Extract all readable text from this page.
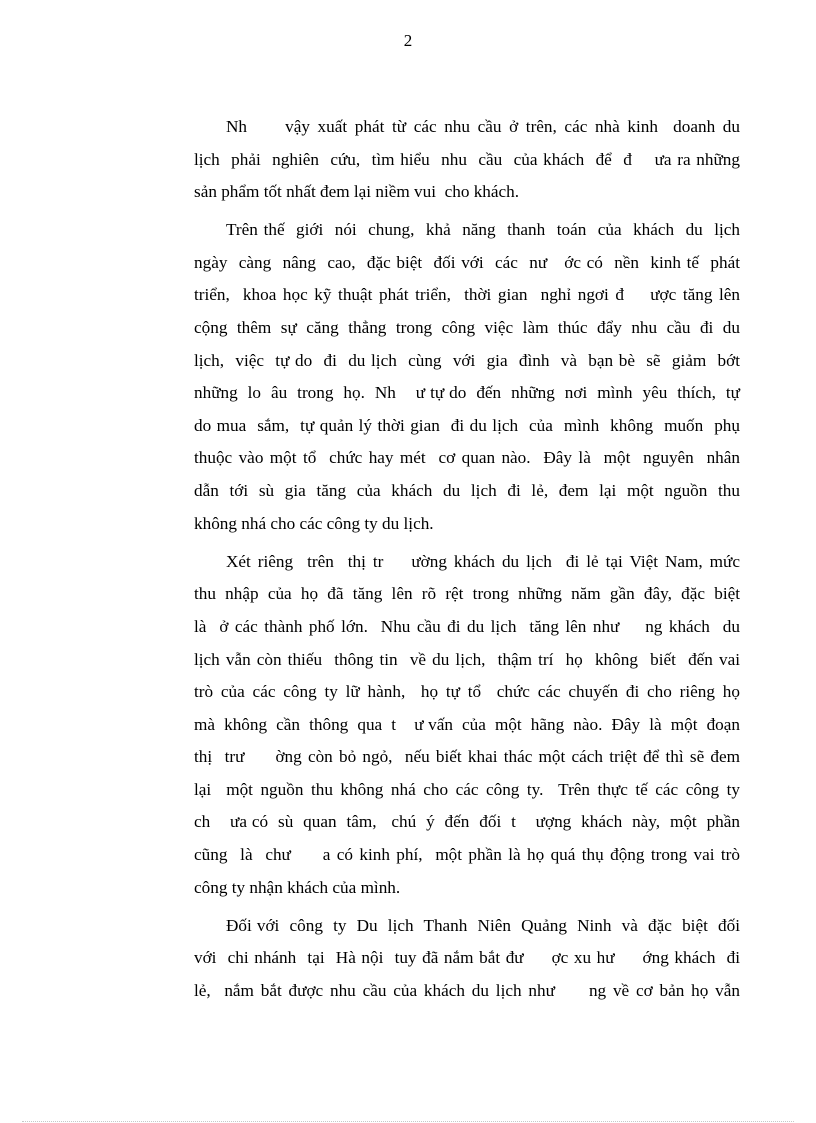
2
Nh     vậy xuất phát từ các nhu cầu ở trên, các nhà kinh  doanh du
lịch  phải  nghiên  cứu,  tìm hiểu  nhu  cầu  của khách  để  đ    ưa ra những
sản phẩm tốt nhất đem lại niềm vui  cho khách.
Trên thế  giới  nói  chung,  khả  năng  thanh  toán  của  khách  du  lịch
ngày  càng  nâng  cao,  đặc biệt  đối với  các  nư   ớc có  nền  kinh tế  phát
triển,  khoa học kỹ thuật phát triển,  thời gian  nghỉ ngơi đ    ược tăng lên
cộng thêm sự căng thẳng trong công việc làm thúc đẩy nhu cầu đi du
lịch,  việc  tự do  đi  du lịch  cùng  với  gia  đình  và  bạn bè  sẽ  giảm  bớt
những  lo  âu  trong  họ.  Nh    ư tự do  đến  những  nơi  mình  yêu  thích,  tự
do mua  sắm,  tự quản lý thời gian  đi du lịch  của  mình  không  muốn  phụ
thuộc vào một tổ  chức hay mét  cơ quan nào.  Đây là  một  nguyên  nhân
dẫn  tới  sù  gia  tăng  của  khách  du  lịch  đi  lẻ,  đem  lại  một  nguồn  thu
không nhá cho các công ty du lịch.
Xét riêng  trên  thị tr    ường khách du lịch  đi lẻ tại Việt Nam, mức
thu  nhập  của  họ  đã  tăng  lên  rõ  rệt  trong  những  năm  gần  đây,  đặc  biệt
là  ở các thành phố lớn.  Nhu cầu đi du lịch  tăng lên như    ng khách  du
lịch vẫn còn thiếu  thông tin  về du lịch,  thậm trí  họ  không  biết  đến vai
trò của các công ty lữ hành,  họ tự tổ  chức các chuyến đi cho riêng họ
mà  không  cần  thông  qua  t    ư vấn  của  một  hãng  nào.  Đây  là  một  đoạn
thị  trư     ờng còn bỏ ngỏ,  nếu biết khai thác một cách triệt để thì sẽ đem
lại  một nguồn thu không nhá cho các công ty.  Trên thực tế các công ty
ch    ưa có  sù  quan  tâm,   chú  ý  đến  đối  t    ượng  khách  này,  một  phần
cũng  là  chư     a có kinh phí,  một phần là họ quá thụ động trong vai trò
công ty nhận khách của mình.
Đối với  công  ty  Du  lịch  Thanh  Niên  Quảng  Ninh  và  đặc  biệt  đối
với  chi nhánh  tại  Hà nội  tuy đã nắm bắt đư     ợc xu hư     ớng khách  đi
lẻ,  nắm bắt được nhu cầu của khách du lịch như     ng về cơ bản họ vẫn
